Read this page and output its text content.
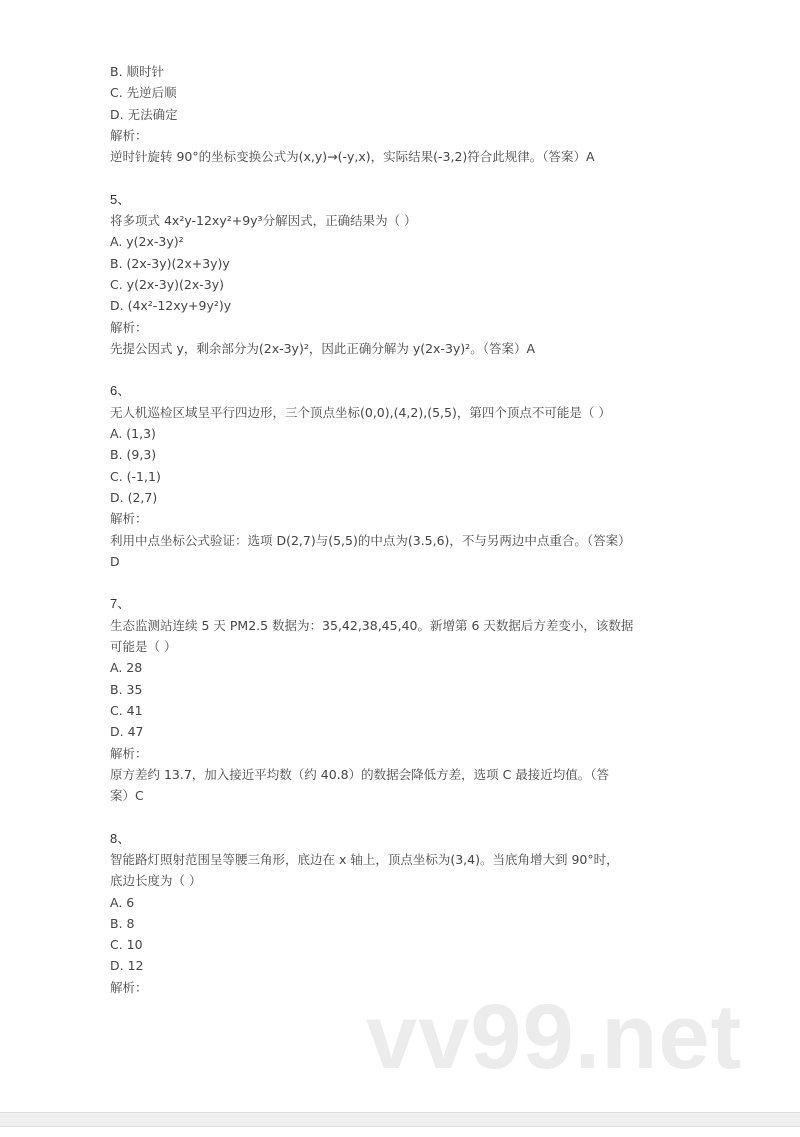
B. 顺时针
C. 先逆后顺
D. 无法确定
解析：
逆时针旋转 90°的坐标变换公式为(x,y)→(-y,x)，实际结果(-3,2)符合此规律。（答案）A
5、
将多项式 4x²y-12xy²+9y³分解因式，正确结果为（ ）
A. y(2x-3y)²
B. (2x-3y)(2x+3y)y
C. y(2x-3y)(2x-3y)
D. (4x²-12xy+9y²)y
解析：
先提公因式 y，剩余部分为(2x-3y)²，因此正确分解为 y(2x-3y)²。（答案）A
6、
无人机巡检区域呈平行四边形，三个顶点坐标(0,0),(4,2),(5,5)，第四个顶点不可能是（ ）
A. (1,3)
B. (9,3)
C. (-1,1)
D. (2,7)
解析：
利用中点坐标公式验证：选项 D(2,7)与(5,5)的中点为(3.5,6)，不与另两边中点重合。（答案）
D
7、
生态监测站连续 5 天 PM2.5 数据为：35,42,38,45,40。新增第 6 天数据后方差变小，该数据
可能是（ ）
A. 28
B. 35
C. 41
D. 47
解析：
原方差约 13.7，加入接近平均数（约 40.8）的数据会降低方差，选项 C 最接近均值。（答
案）C
8、
智能路灯照射范围呈等腰三角形，底边在 x 轴上，顶点坐标为(3,4)。当底角增大到 90°时，
底边长度为（ ）
A. 6
B. 8
C. 10
D. 12
解析：	vv99.net
